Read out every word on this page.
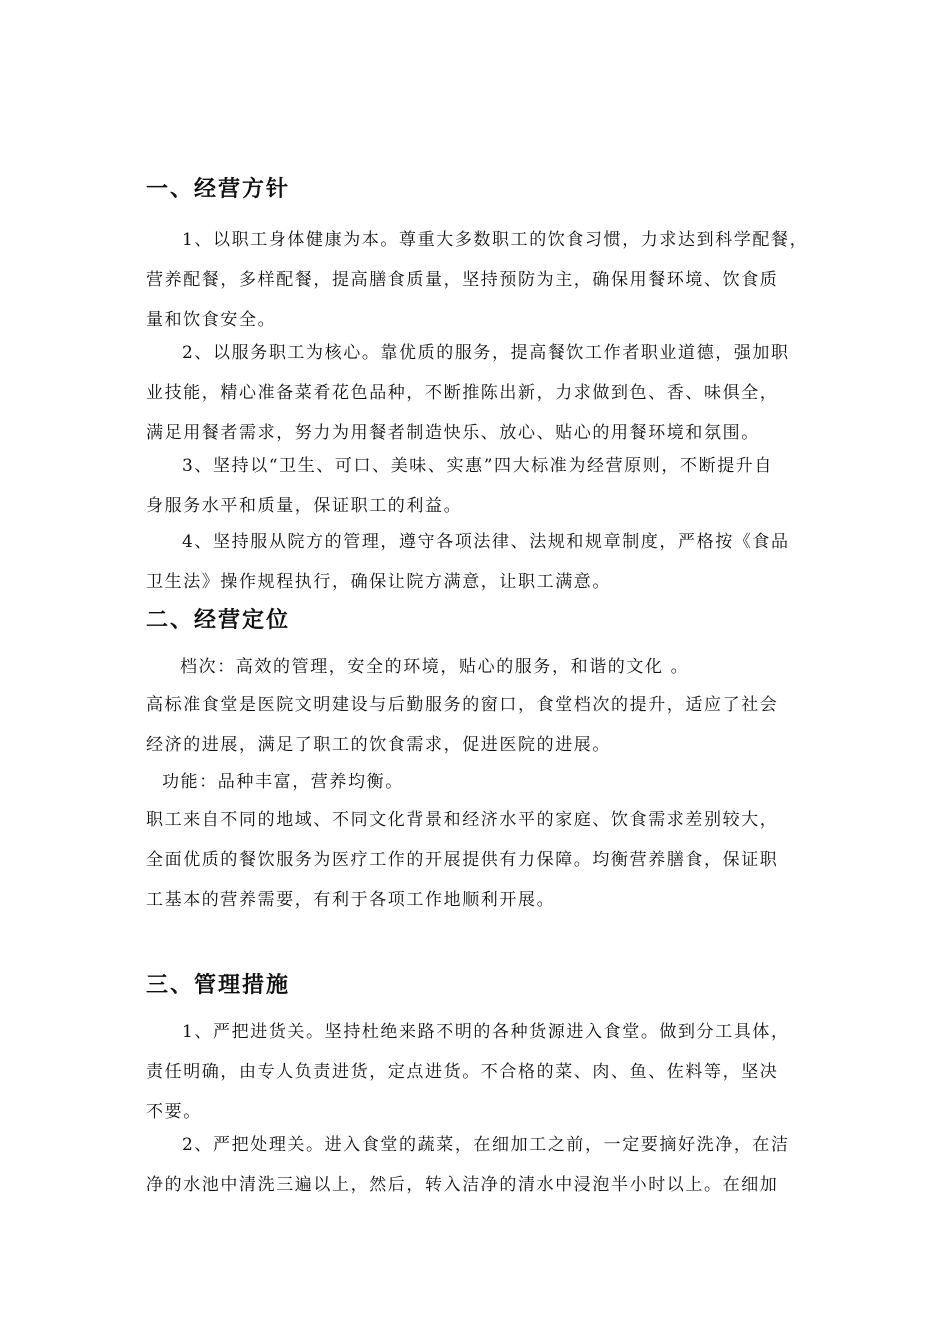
一、经营方针
1、以职工身体健康为本。尊重大多数职工的饮食习惯，力求达到科学配餐，
营养配餐，多样配餐，提高膳食质量，坚持预防为主，确保用餐环境、饮食质
量和饮食安全。
2、以服务职工为核心。靠优质的服务，提高餐饮工作者职业道德，强加职
业技能，精心准备菜肴花色品种，不断推陈出新，力求做到色、香、味俱全，
满足用餐者需求，努力为用餐者制造快乐、放心、贴心的用餐环境和氛围。
3、坚持以“卫生、可口、美味、实惠”四大标准为经营原则，不断提升自
身服务水平和质量，保证职工的利益。
4、坚持服从院方的管理，遵守各项法律、法规和规章制度，严格按《食品
卫生法》操作规程执行，确保让院方满意，让职工满意。
二、经营定位
档次：高效的管理，安全的环境，贴心的服务，和谐的文化 。
高标准食堂是医院文明建设与后勤服务的窗口，食堂档次的提升，适应了社会
经济的进展，满足了职工的饮食需求，促进医院的进展。
功能：品种丰富，营养均衡。
职工来自不同的地域、不同文化背景和经济水平的家庭、饮食需求差别较大，
全面优质的餐饮服务为医疗工作的开展提供有力保障。均衡营养膳食，保证职
工基本的营养需要，有利于各项工作地顺利开展。
三、管理措施
1、严把进货关。坚持杜绝来路不明的各种货源进入食堂。做到分工具体，
责任明确，由专人负责进货，定点进货。不合格的菜、肉、鱼、佐料等，坚决
不要。
2、严把处理关。进入食堂的蔬菜，在细加工之前，一定要摘好洗净，在洁
净的水池中清洗三遍以上，然后，转入洁净的清水中浸泡半小时以上。在细加
